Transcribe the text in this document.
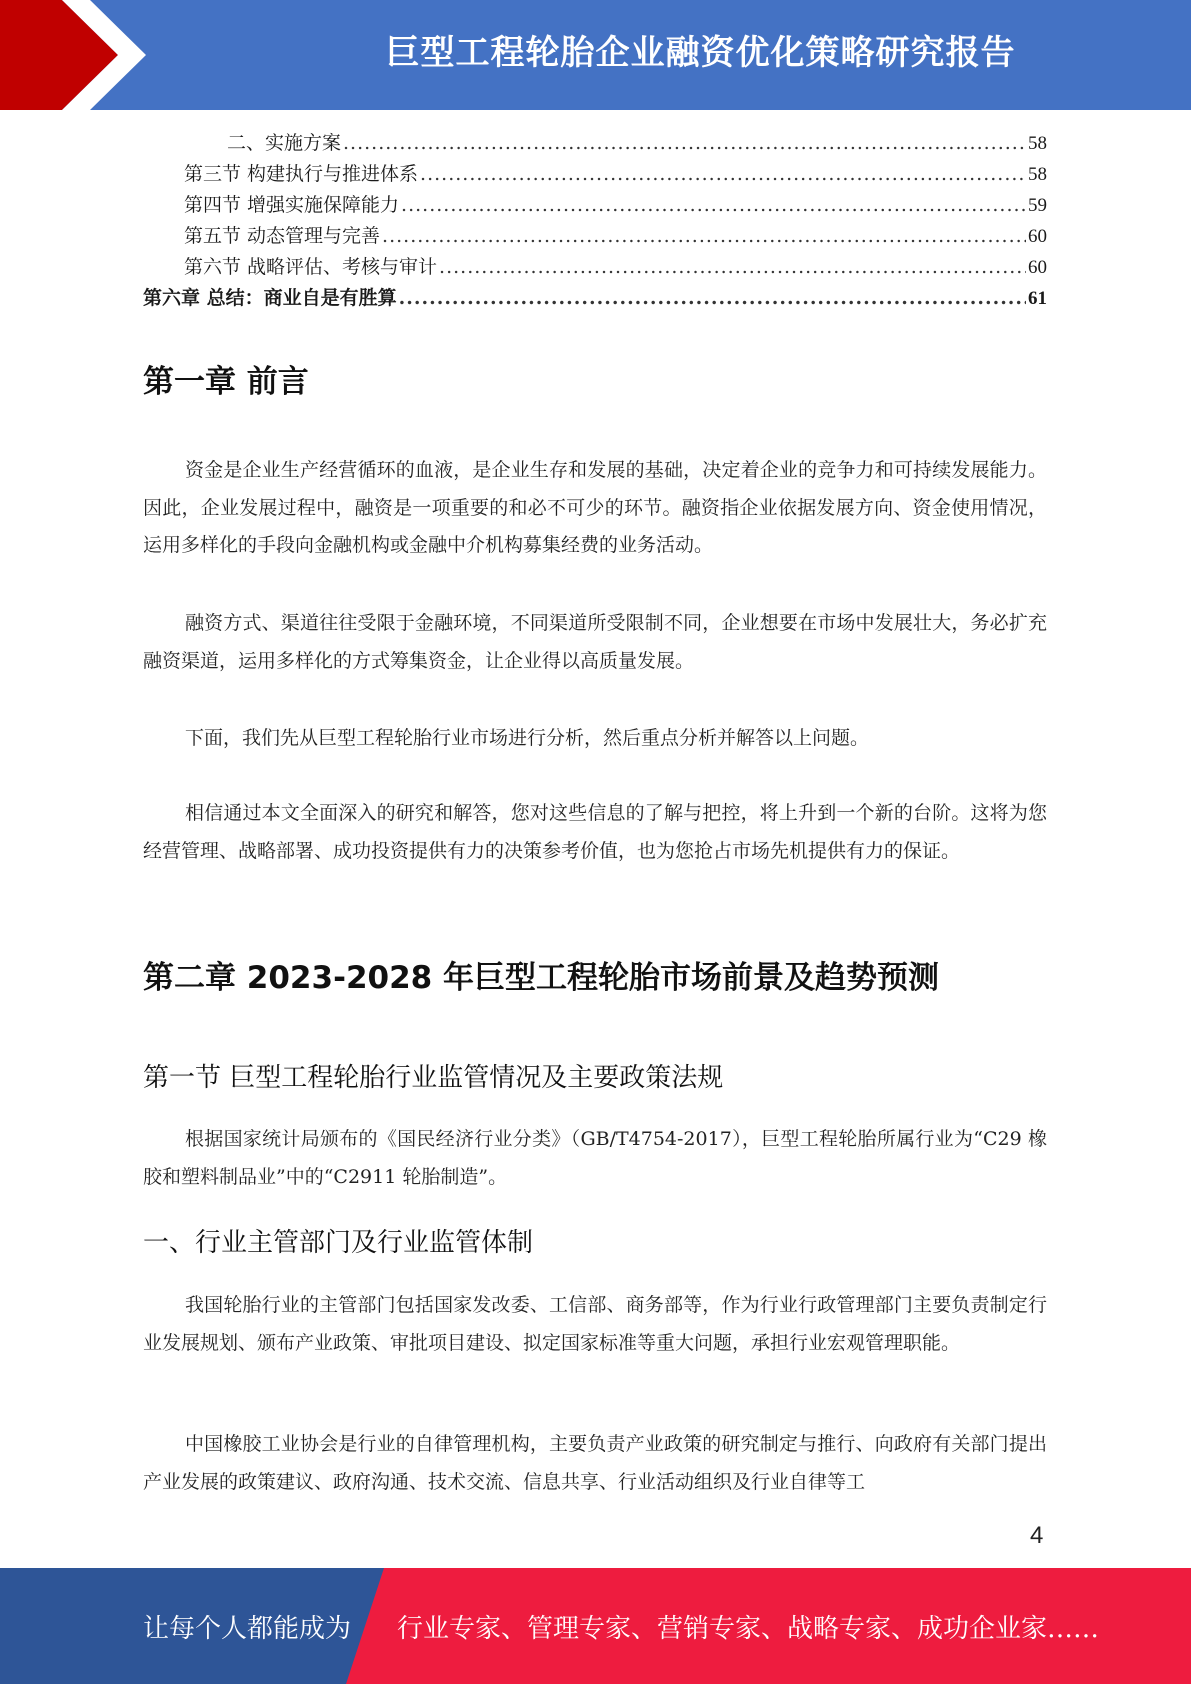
巨型工程轮胎企业融资优化策略研究报告
二、实施方案 .....	58
第三节 构建执行与推进体系 .....	58
第四节 增强实施保障能力 .....	59
第五节 动态管理与完善 .....	60
第六节 战略评估、考核与审计 .....	60
第六章 总结：商业自是有胜算 .....	61
第一章 前言
资金是企业生产经营循环的血液，是企业生存和发展的基础，决定着企业的竞争力和可持续发展能力。因此，企业发展过程中，融资是一项重要的和必不可少的环节。融资指企业依据发展方向、资金使用情况，运用多样化的手段向金融机构或金融中介机构募集经费的业务活动。
融资方式、渠道往往受限于金融环境，不同渠道所受限制不同，企业想要在市场中发展壮大，务必扩充融资渠道，运用多样化的方式筹集资金，让企业得以高质量发展。
下面，我们先从巨型工程轮胎行业市场进行分析，然后重点分析并解答以上问题。
相信通过本文全面深入的研究和解答，您对这些信息的了解与把控，将上升到一个新的台阶。这将为您经营管理、战略部署、成功投资提供有力的决策参考价值，也为您抢占市场先机提供有力的保证。
第二章 2023-2028 年巨型工程轮胎市场前景及趋势预测
第一节 巨型工程轮胎行业监管情况及主要政策法规
根据国家统计局颁布的《国民经济行业分类》（GB/T4754-2017），巨型工程轮胎所属行业为“C29 橡胶和塑料制品业”中的“C2911 轮胎制造”。
一、行业主管部门及行业监管体制
我国轮胎行业的主管部门包括国家发改委、工信部、商务部等，作为行业行政管理部门主要负责制定行业发展规划、颁布产业政策、审批项目建设、拟定国家标准等重大问题，承担行业宏观管理职能。
中国橡胶工业协会是行业的自律管理机构，主要负责产业政策的研究制定与推行、向政府有关部门提出产业发展的政策建议、政府沟通、技术交流、信息共享、行业活动组织及行业自律等工
4
让每个人都能成为 行业专家、管理专家、营销专家、战略专家、成功企业家……
